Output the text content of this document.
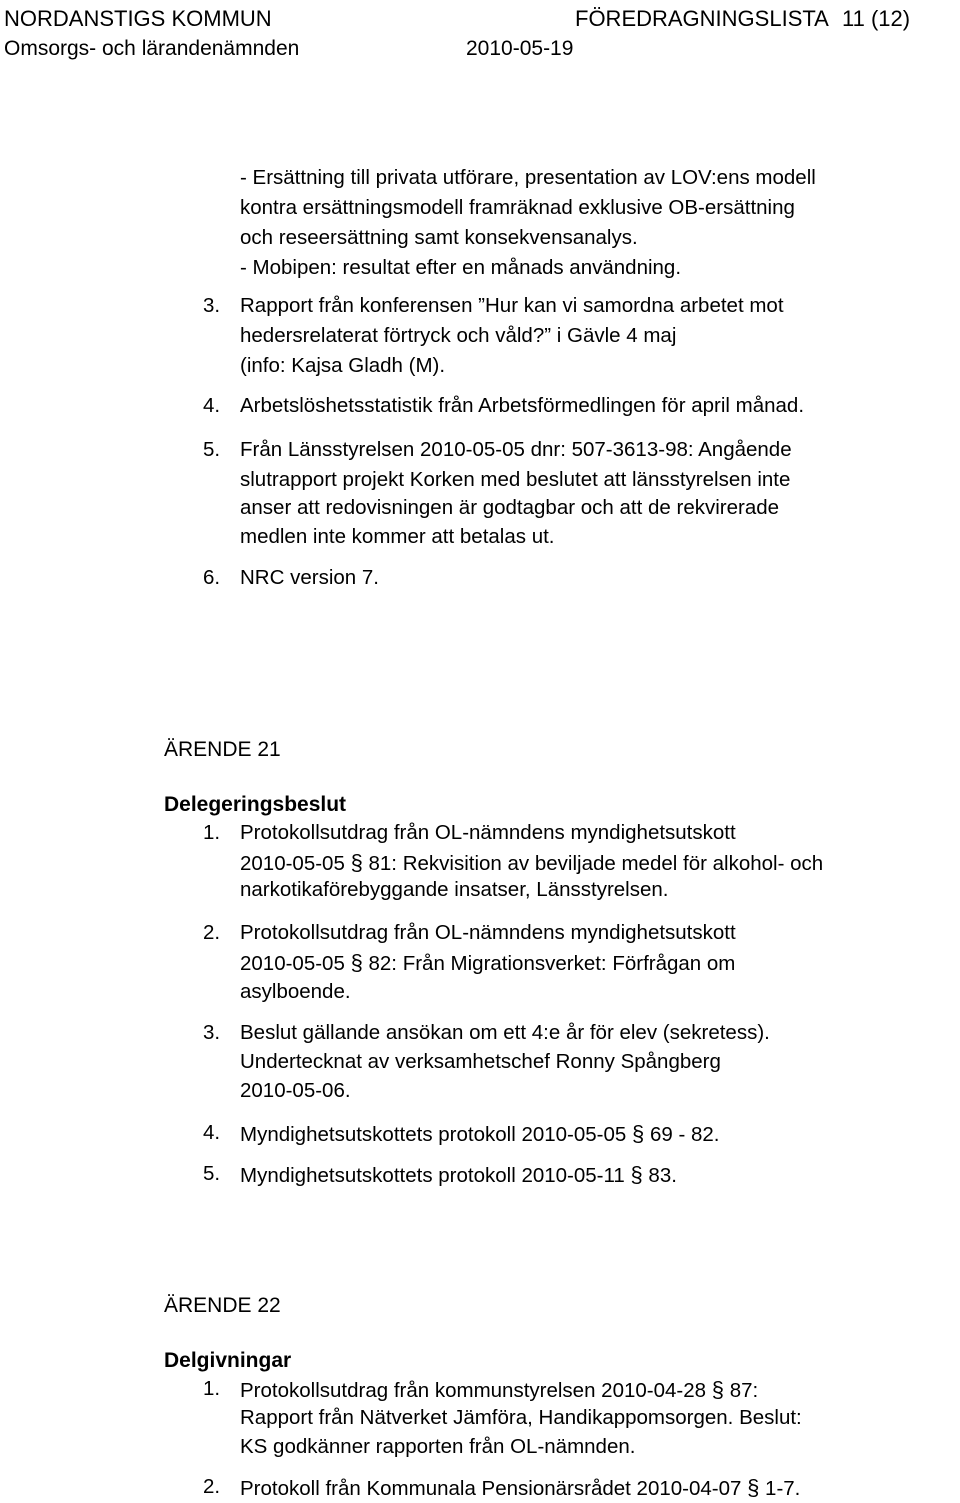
NORDANSTIGS KOMMUN	FÖREDRAGNINGSLISTA 11 (12)
Omsorgs- och lärandenämnden	2010-05-19
- Ersättning till privata utförare, presentation av LOV:ens modell
kontra ersättningsmodell framräknad exklusive OB-ersättning
och reseersättning samt konsekvensanalys.
- Mobipen: resultat efter en månads användning.
3. Rapport från konferensen ”Hur kan vi samordna arbetet mot
hedersrelaterat förtryck och våld?” i Gävle 4 maj
(info: Kajsa Gladh (M).
4. Arbetslöshetsstatistik från Arbetsförmedlingen för april månad.
5. Från Länsstyrelsen 2010-05-05 dnr: 507-3613-98: Angående
slutrapport projekt Korken med beslutet att länsstyrelsen inte
anser att redovisningen är godtagbar och att de rekvirerade
medlen inte kommer att betalas ut.
6. NRC version 7.
ÄRENDE 21
Delegeringsbeslut
1. Protokollsutdrag från OL-nämndens myndighetsutskott
2010-05-05 § 81: Rekvisition av beviljade medel för alkohol- och
narkotikaförebyggande insatser, Länsstyrelsen.
2. Protokollsutdrag från OL-nämndens myndighetsutskott
2010-05-05 § 82: Från Migrationsverket: Förfrågan om
asylboende.
3. Beslut gällande ansökan om ett 4:e år för elev (sekretess).
Undertecknat av verksamhetschef Ronny Spångberg
2010-05-06.
4. Myndighetsutskottets protokoll 2010-05-05 § 69 - 82.
5. Myndighetsutskottets protokoll 2010-05-11 § 83.
ÄRENDE 22
Delgivningar
1. Protokollsutdrag från kommunstyrelsen 2010-04-28 § 87:
Rapport från Nätverket Jämföra, Handikappomsorgen. Beslut:
KS godkänner rapporten från OL-nämnden.
2. Protokoll från Kommunala Pensionärsrådet 2010-04-07 § 1-7.
